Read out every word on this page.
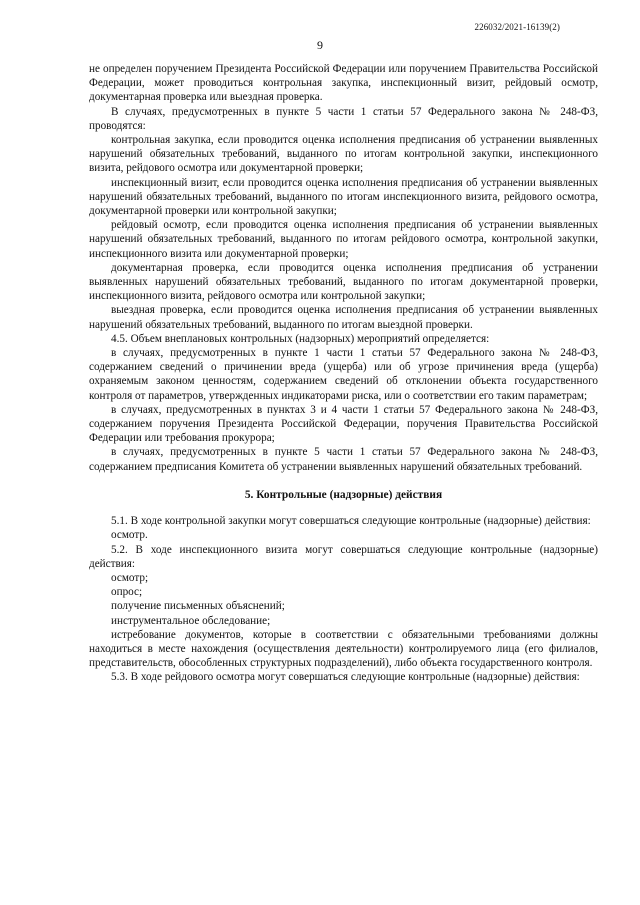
226032/2021-16139(2)
9

не определен поручением Президента Российской Федерации или поручением Правительства Российской Федерации, может проводиться контрольная закупка, инспекционный визит, рейдовый осмотр, документарная проверка или выездная проверка.

В случаях, предусмотренных в пункте 5 части 1 статьи 57 Федерального закона № 248-ФЗ, проводятся:

контрольная закупка, если проводится оценка исполнения предписания об устранении выявленных нарушений обязательных требований, выданного по итогам контрольной закупки, инспекционного визита, рейдового осмотра или документарной проверки;

инспекционный визит, если проводится оценка исполнения предписания об устранении выявленных нарушений обязательных требований, выданного по итогам инспекционного визита, рейдового осмотра, документарной проверки или контрольной закупки;

рейдовый осмотр, если проводится оценка исполнения предписания об устранении выявленных нарушений обязательных требований, выданного по итогам рейдового осмотра, контрольной закупки, инспекционного визита или документарной проверки;

документарная проверка, если проводится оценка исполнения предписания об устранении выявленных нарушений обязательных требований, выданного по итогам документарной проверки, инспекционного визита, рейдового осмотра или контрольной закупки;

выездная проверка, если проводится оценка исполнения предписания об устранении выявленных нарушений обязательных требований, выданного по итогам выездной проверки.

4.5. Объем внеплановых контрольных (надзорных) мероприятий определяется:

в случаях, предусмотренных в пункте 1 части 1 статьи 57 Федерального закона № 248-ФЗ, содержанием сведений о причинении вреда (ущерба) или об угрозе причинения вреда (ущерба) охраняемым законом ценностям, содержанием сведений об отклонении объекта государственного контроля от параметров, утвержденных индикаторами риска, или о соответствии его таким параметрам;

в случаях, предусмотренных в пунктах 3 и 4 части 1 статьи 57 Федерального закона № 248-ФЗ, содержанием поручения Президента Российской Федерации, поручения Правительства Российской Федерации или требования прокурора;

в случаях, предусмотренных в пункте 5 части 1 статьи 57 Федерального закона № 248-ФЗ, содержанием предписания Комитета об устранении выявленных нарушений обязательных требований.

5. Контрольные (надзорные) действия

5.1. В ходе контрольной закупки могут совершаться следующие контрольные (надзорные) действия:

осмотр.

5.2. В ходе инспекционного визита могут совершаться следующие контрольные (надзорные) действия:

осмотр;

опрос;

получение письменных объяснений;

инструментальное обследование;

истребование документов, которые в соответствии с обязательными требованиями должны находиться в месте нахождения (осуществления деятельности) контролируемого лица (его филиалов, представительств, обособленных структурных подразделений), либо объекта государственного контроля.

5.3. В ходе рейдового осмотра могут совершаться следующие контрольные (надзорные) действия:
